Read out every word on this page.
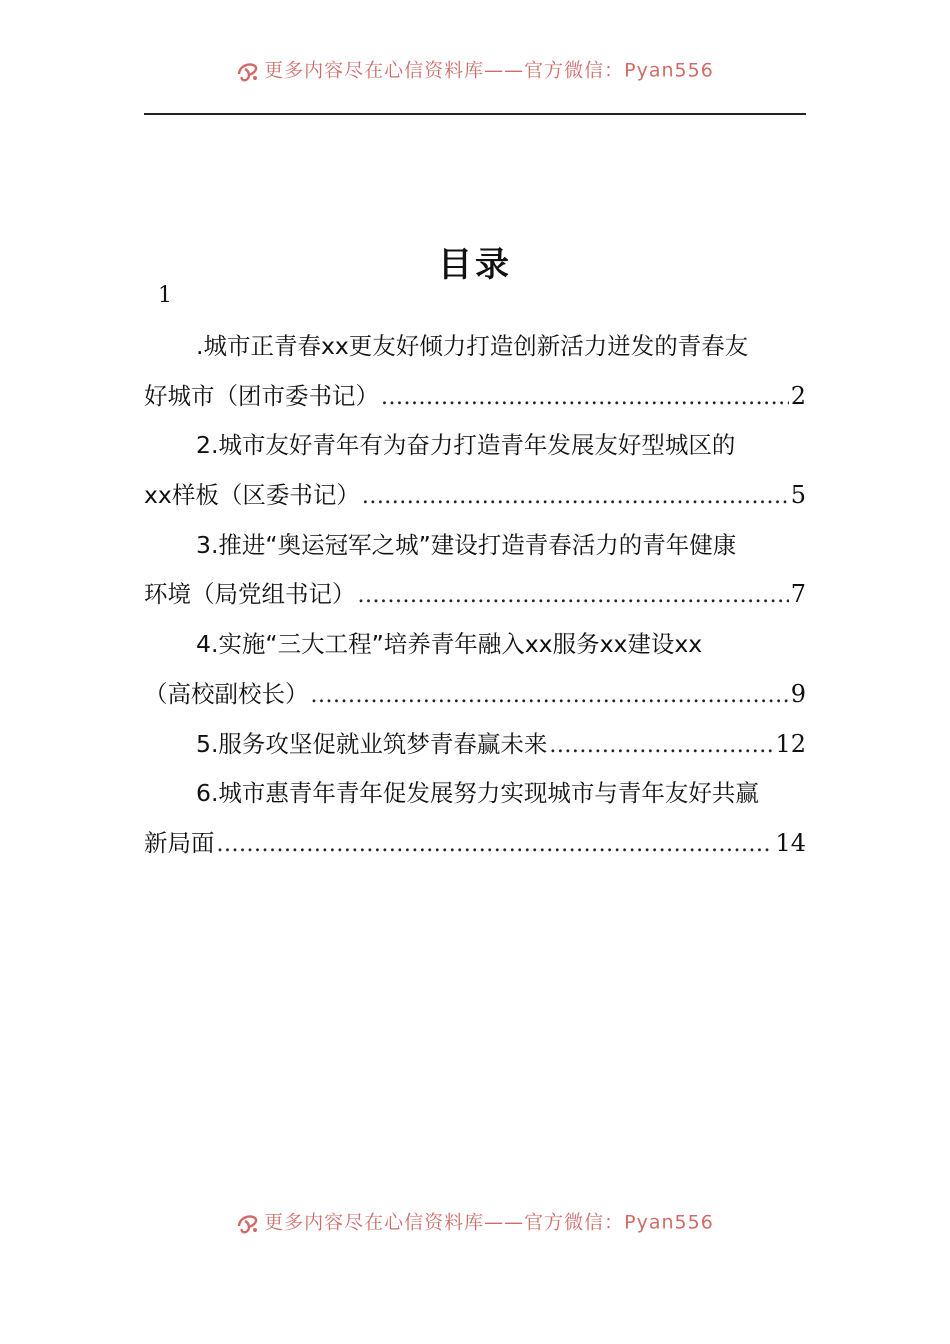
更多内容尽在心信资料库——官方微信：Pyan556
目录
1
.城市正青春xx更友好倾力打造创新活力迸发的青春友
好城市（团市委书记） .....	2
2.城市友好青年有为奋力打造青年发展友好型城区的
xx样板（区委书记） .....	5
3.推进“奥运冠军之城”建设打造青春活力的青年健康
环境（局党组书记） .....	7
4.实施“三大工程”培养青年融入xx服务xx建设xx
（高校副校长） .....	9
5.服务攻坚促就业筑梦青春赢未来 .....	12
6.城市惠青年青年促发展努力实现城市与青年友好共赢
新局面 .....	14
更多内容尽在心信资料库——官方微信：Pyan556
